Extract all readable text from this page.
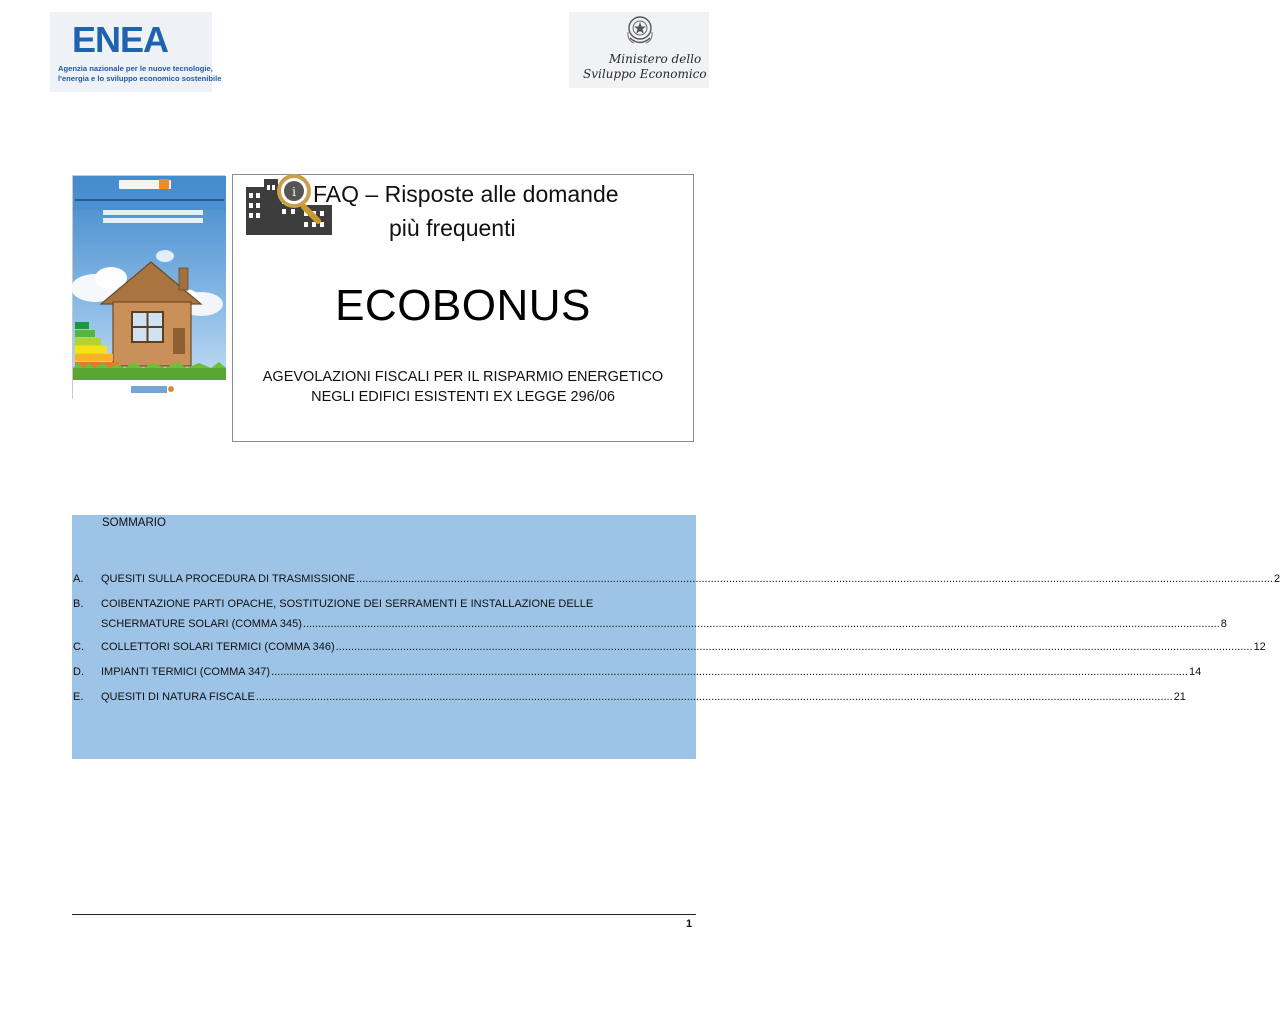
ENEA
Agenzia nazionale per le nuove tecnologie,
l'energia e lo sviluppo economico sostenibile
Ministero dello
Sviluppo Economico
i FAQ – Risposte alle domande
più frequenti
ECOBONUS
AGEVOLAZIONI FISCALI PER IL RISPARMIO ENERGETICO
NEGLI EDIFICI ESISTENTI EX LEGGE 296/06
SOMMARIO
A. QUESITI SULLA PROCEDURA DI TRASMISSIONE ............................................................................................................................................................................................................................................................................................................ 2
B. COIBENTAZIONE PARTI OPACHE, SOSTITUZIONE DEI SERRAMENTI E INSTALLAZIONE DELLE
SCHERMATURE SOLARI (COMMA 345) ............................................................................................................................................................................................................................................................................................................ 8
C. COLLETTORI SOLARI TERMICI (COMMA 346) ............................................................................................................................................................................................................................................................................................................ 12
D. IMPIANTI TERMICI (COMMA 347) ............................................................................................................................................................................................................................................................................................................ 14
E. QUESITI DI NATURA FISCALE ............................................................................................................................................................................................................................................................................................................ 21
1
